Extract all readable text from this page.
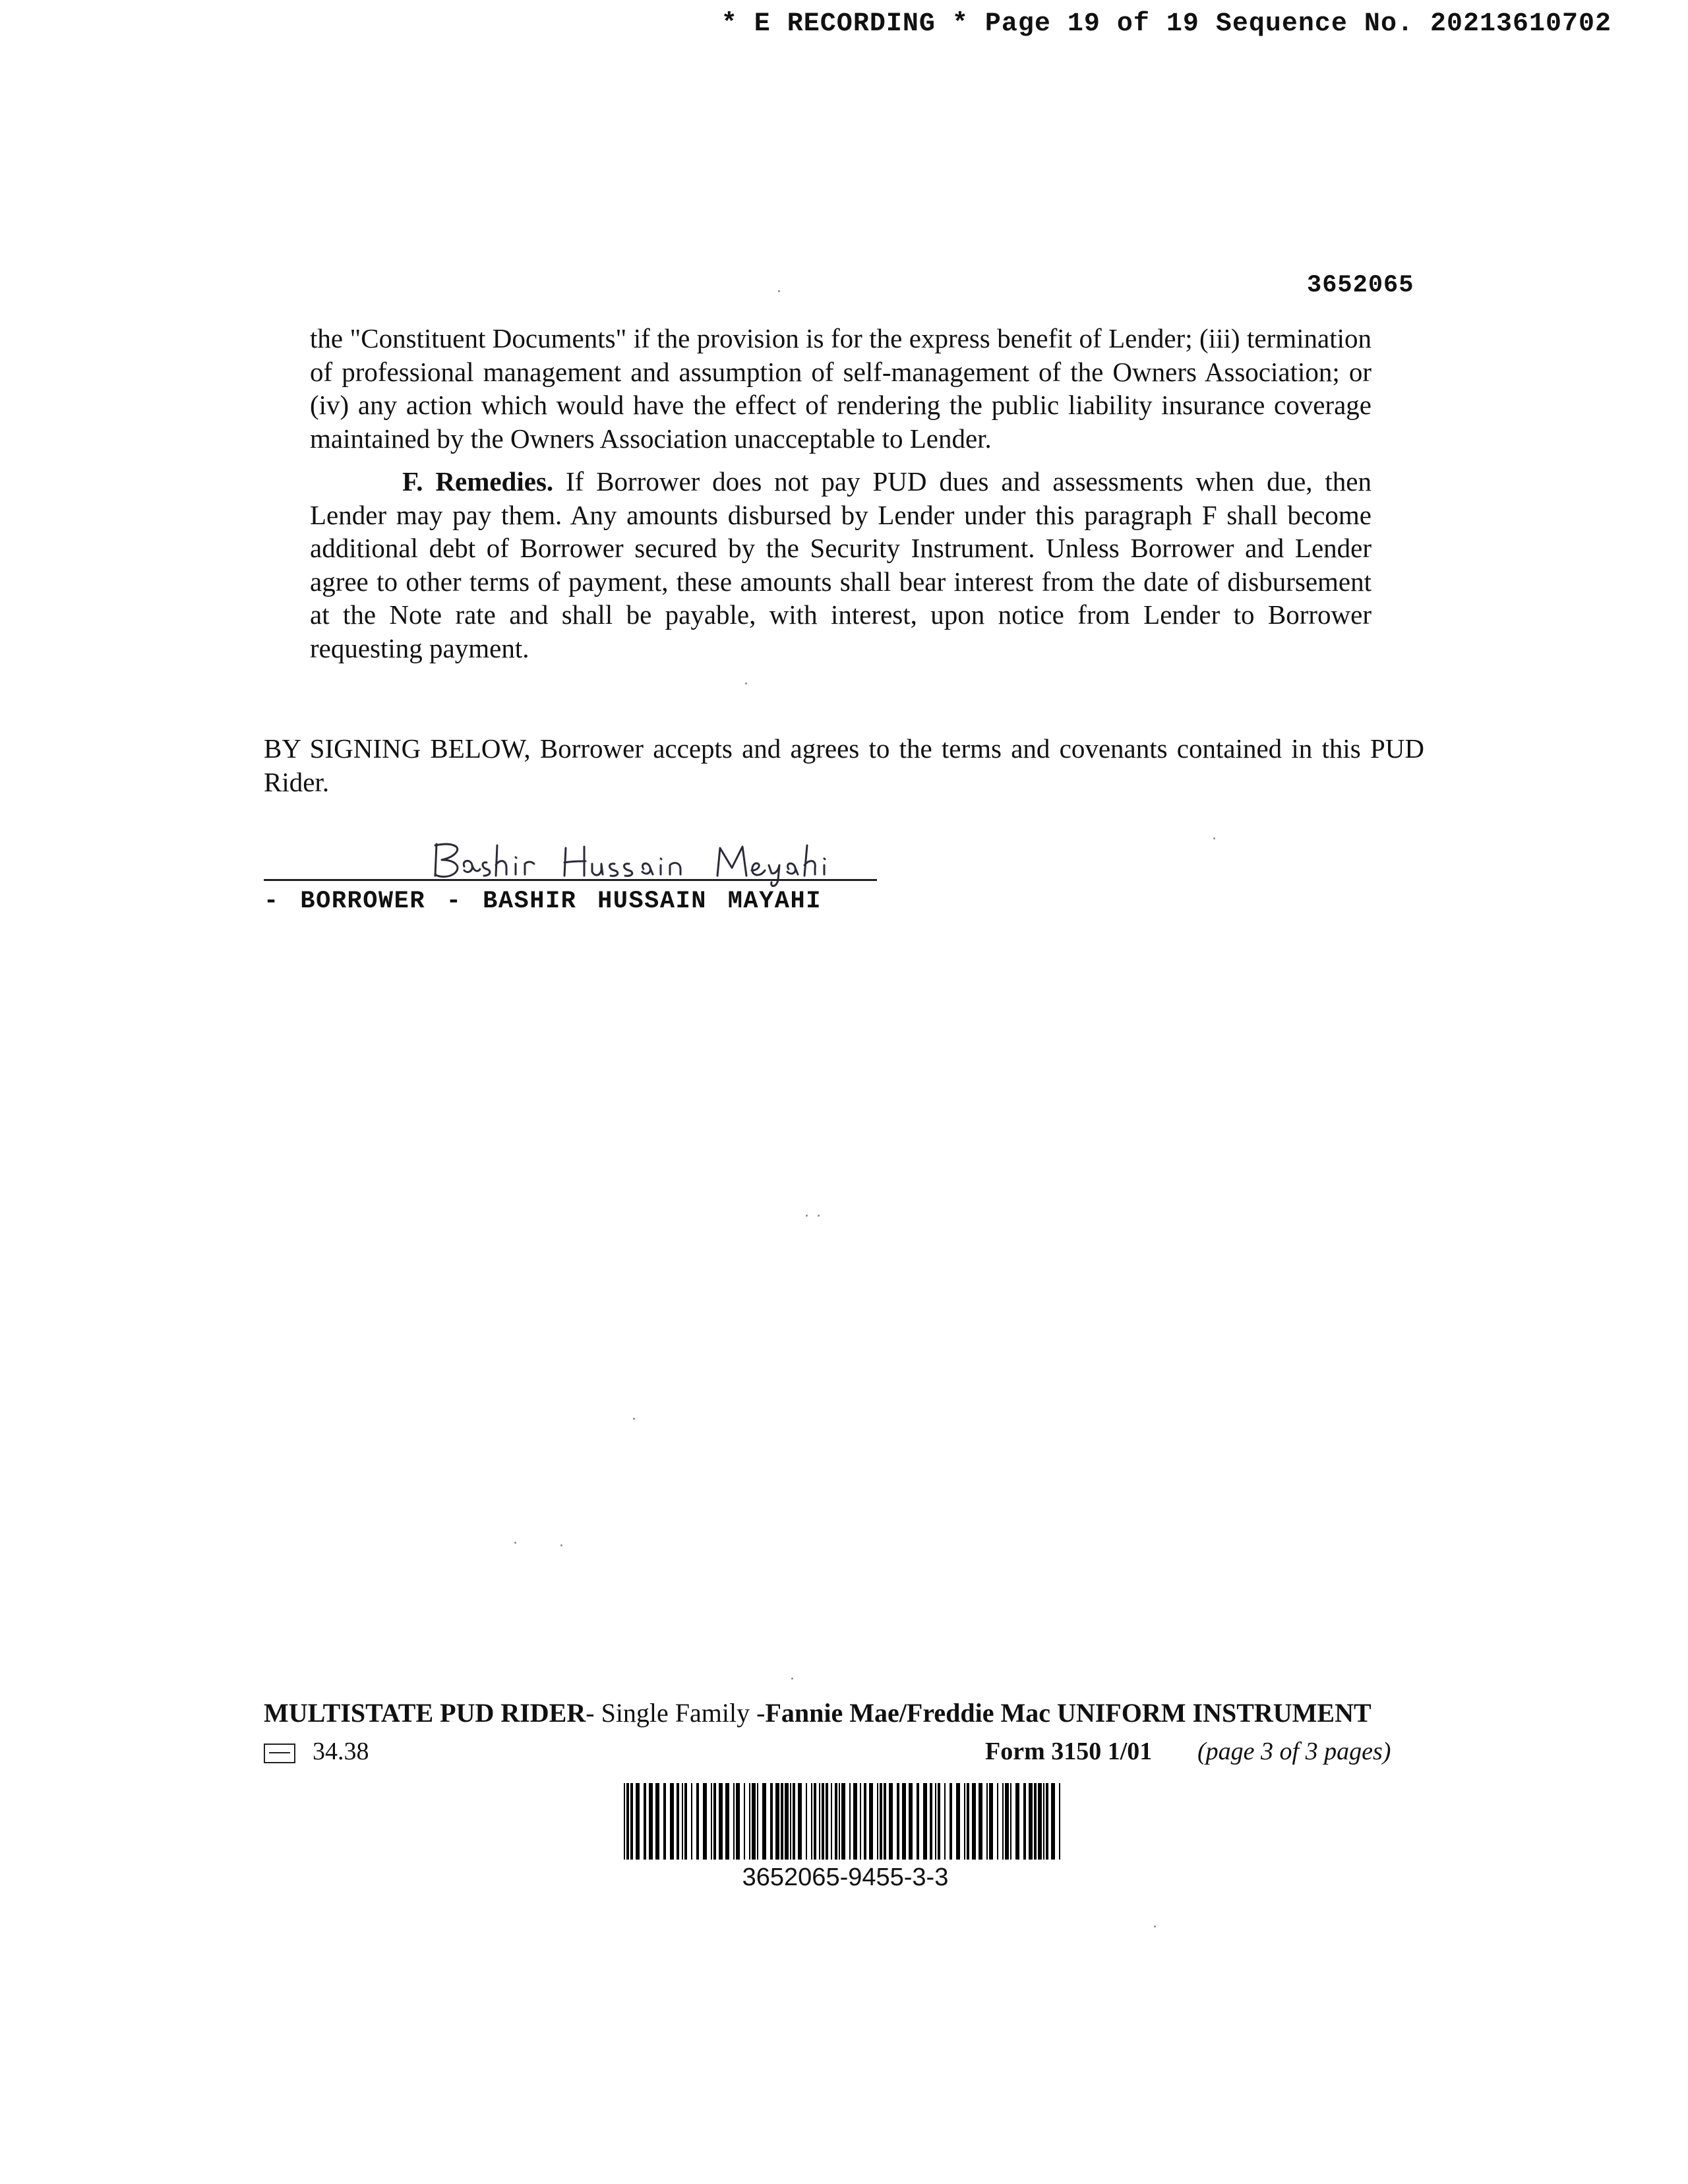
* E RECORDING * Page 19 of 19 Sequence No. 20213610702
3652065
the "Constituent Documents" if the provision is for the express benefit of Lender; (iii) termination of professional management and assumption of self-management of the Owners Association; or (iv) any action which would have the effect of rendering the public liability insurance coverage maintained by the Owners Association unacceptable to Lender.
F. Remedies. If Borrower does not pay PUD dues and assessments when due, then Lender may pay them. Any amounts disbursed by Lender under this paragraph F shall become additional debt of Borrower secured by the Security Instrument. Unless Borrower and Lender agree to other terms of payment, these amounts shall bear interest from the date of disbursement at the Note rate and shall be payable, with interest, upon notice from Lender to Borrower requesting payment.
BY SIGNING BELOW, Borrower accepts and agrees to the terms and covenants contained in this PUD Rider.
- BORROWER - BASHIR HUSSAIN MAYAHI
MULTISTATE PUD RIDER- Single Family -Fannie Mae/Freddie Mac UNIFORM INSTRUMENT
34.38	Form 3150 1/01 (page 3 of 3 pages)
3652065-9455-3-3
